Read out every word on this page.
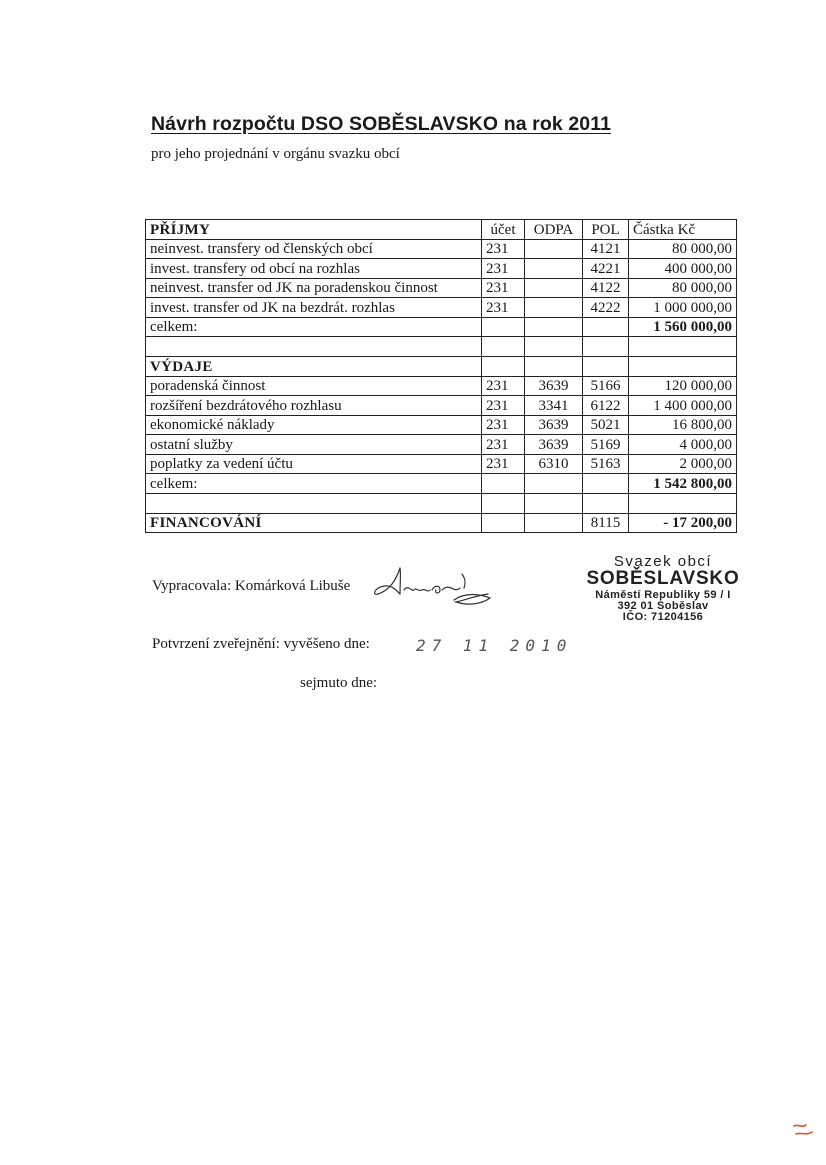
Návrh rozpočtu DSO SOBĚSLAVSKO na rok 2011
pro jeho projednání v orgánu svazku obcí
PŘÍJMY	účet	ODPA	POL	Částka Kč
neinvest. transfery od členských obcí	231		4121	80 000,00
invest. transfery od obcí na rozhlas	231		4221	400 000,00
neinvest. transfer od JK na poradenskou činnost	231		4122	80 000,00
invest. transfer od JK na bezdrát. rozhlas	231		4222	1 000 000,00
celkem:				1 560 000,00

VÝDAJE				
poradenská činnost	231	3639	5166	120 000,00
rozšíření bezdrátového rozhlasu	231	3341	6122	1 400 000,00
ekonomické náklady	231	3639	5021	16 800,00
ostatní služby	231	3639	5169	4 000,00
poplatky za vedení účtu	231	6310	5163	2 000,00
celkem:				1 542 800,00

FINANCOVÁNÍ			8115	- 17 200,00
Vypracovala: Komárková Libuše
Svazek obcí
SOBĚSLAVSKO
Náměstí Republiky 59 / I
392 01 Soběslav
IČO: 71204156
Potvrzení zveřejnění: vyvěšeno dne:	27 11 2010
sejmuto dne:
